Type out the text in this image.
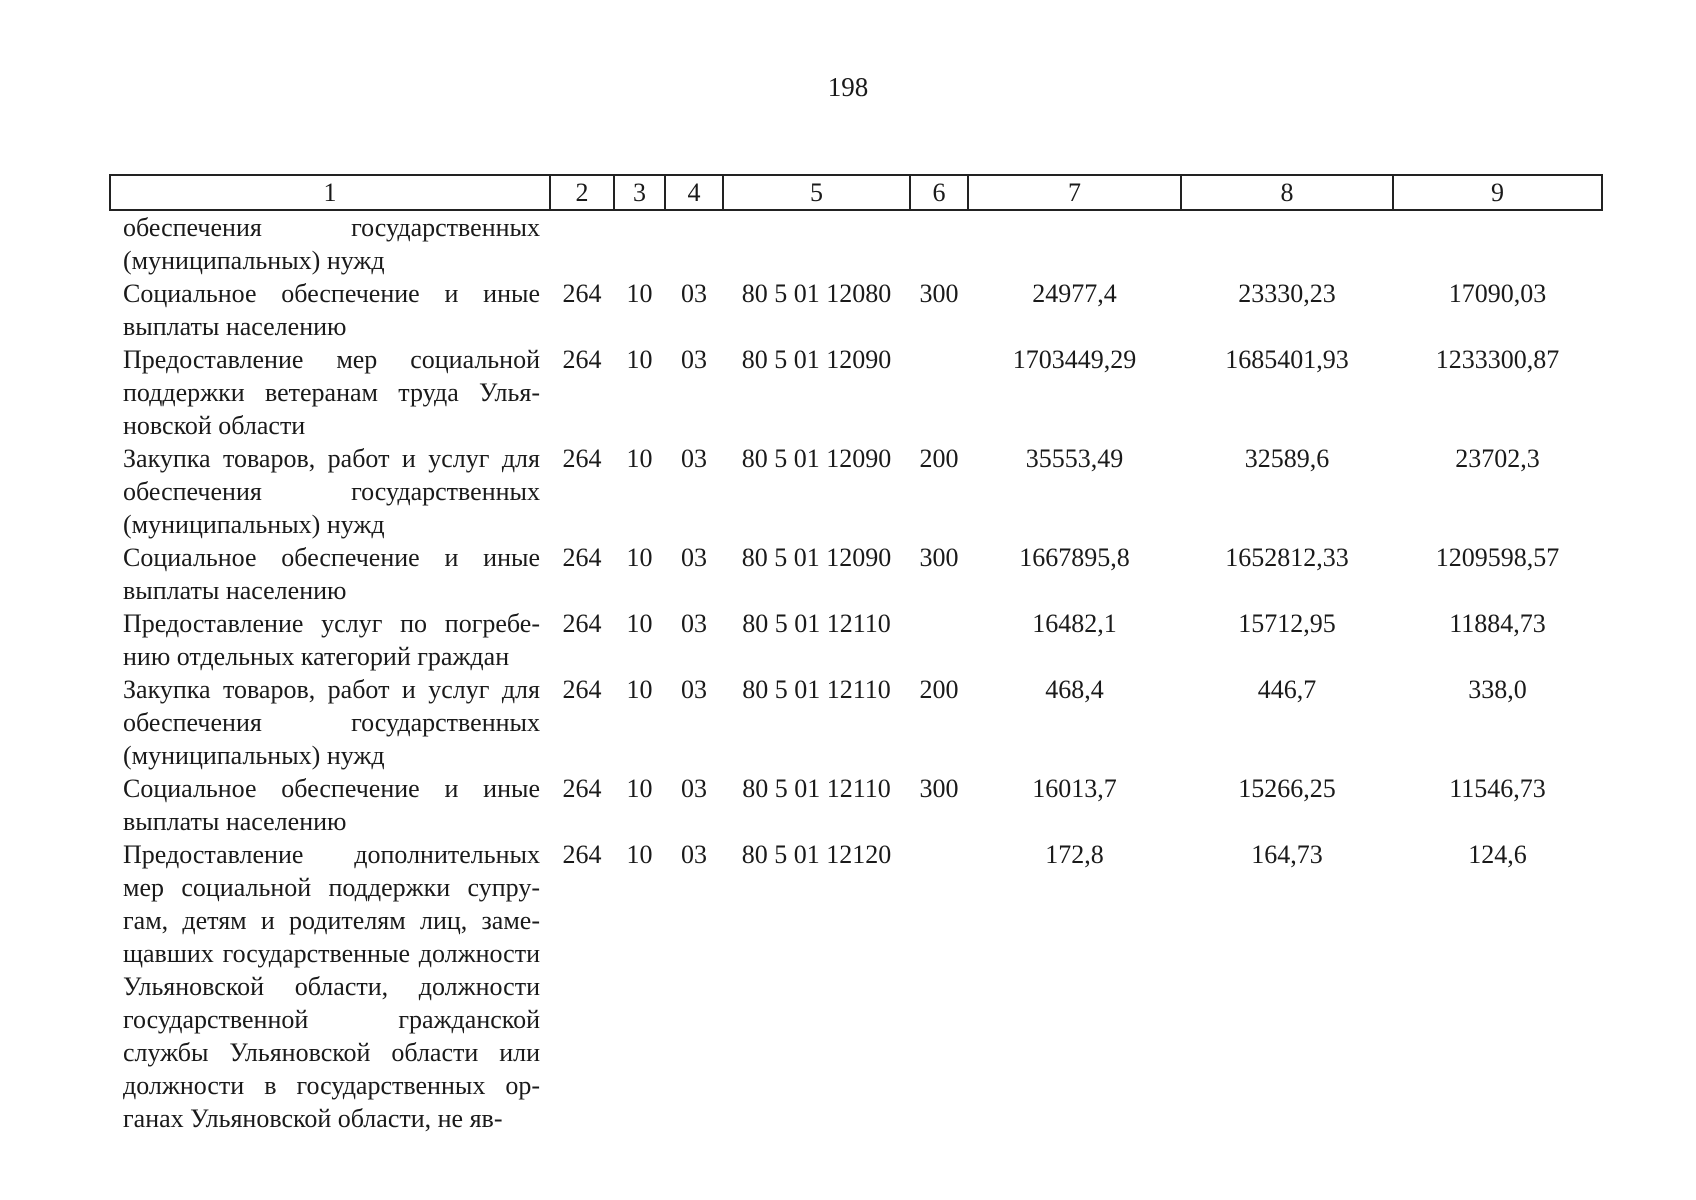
198
1	2	3	4	5	6	7	8	9
обеспечения государственных (муниципальных) нужд								
Социальное обеспечение и иные выплаты населению	264	10	03	80 5 01 12080	300	24977,4	23330,23	17090,03
Предоставление мер социальной поддержки ветеранам труда Ульяновской области	264	10	03	80 5 01 12090		1703449,29	1685401,93	1233300,87
Закупка товаров, работ и услуг для обеспечения государственных (муниципальных) нужд	264	10	03	80 5 01 12090	200	35553,49	32589,6	23702,3
Социальное обеспечение и иные выплаты населению	264	10	03	80 5 01 12090	300	1667895,8	1652812,33	1209598,57
Предоставление услуг по погребению отдельных категорий граждан	264	10	03	80 5 01 12110		16482,1	15712,95	11884,73
Закупка товаров, работ и услуг для обеспечения государственных (муниципальных) нужд	264	10	03	80 5 01 12110	200	468,4	446,7	338,0
Социальное обеспечение и иные выплаты населению	264	10	03	80 5 01 12110	300	16013,7	15266,25	11546,73
Предоставление дополнительных мер социальной поддержки супругам, детям и родителям лиц, замещавших государственные должности Ульяновской области, должности государственной гражданской службы Ульяновской области или должности в государственных органах Ульяновской области, не яв-	264	10	03	80 5 01 12120		172,8	164,73	124,6
